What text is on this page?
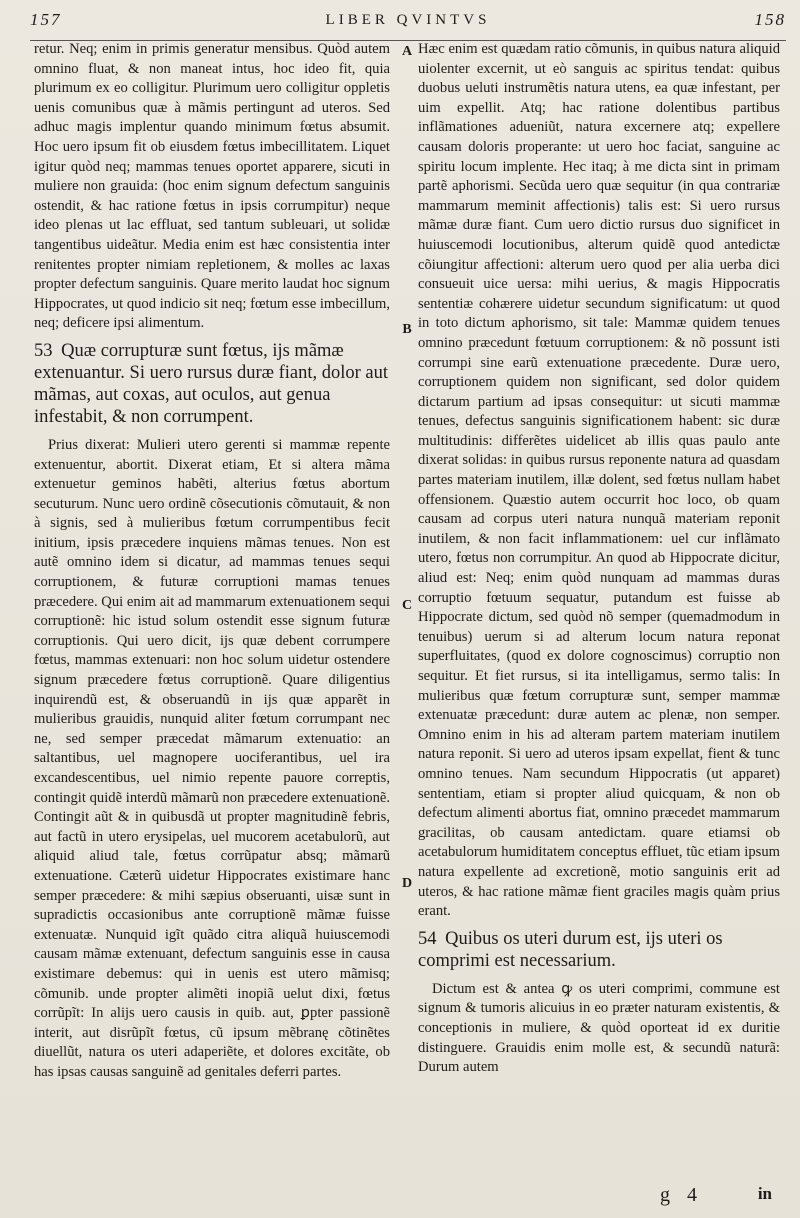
157	LIBER QVINTVS	158

retur. Neq; enim in primis generatur mensibus. Quòd autem omnino fluat, & non maneat intus, hoc ideo fit, quia plurimum ex eo colligitur. Plurimum uero colligitur oppletis uenis comunibus quæ à mãmis pertingunt ad uteros. Sed adhuc magis implentur quando minimum fœtus absumit. Hoc uero ipsum fit ob eiusdem fœtus imbecillitatem. Liquet igitur quòd neq; mammas tenues oportet apparere, sicuti in muliere non grauida: (hoc enim signum defectum sanguinis ostendit, & hac ratione fœtus in ipsis corrumpitur) neque ideo plenas ut lac effluat, sed tantum subleuari, ut solidæ tangentibus uideãtur. Media enim est hæc consistentia inter renitentes propter nimiam repletionem, & molles ac laxas propter defectum sanguinis. Quare merito laudat hoc signum Hippocrates, ut quod indicio sit neq; fœtum esse imbecillum, neq; deficere ipsi alimentum.

53 Quæ corrupturæ sunt fœtus, ijs mãmæ extenuantur. Si uero rursus duræ fiant, dolor aut mãmas, aut coxas, aut oculos, aut genua infestabit, & non corrumpent.

Prius dixerat: Mulieri utero gerenti si mammæ repente extenuentur, abortit. Dixerat etiam, Et si altera mãma extenuetur geminos habẽti, alterius fœtus abortum secuturum. Nunc uero ordinẽ cõsecutionis cõmutauit, & non à signis, sed à mulieribus fœtum corrumpentibus fecit initium, ipsis præcedere inquiens mãmas tenues. Non est autẽ omnino idem si dicatur, ad mammas tenues sequi corruptionem, & futuræ corruptioni mamas tenues præcedere. Qui enim ait ad mammarum extenuationem sequi corruptionẽ: hic istud solum ostendit esse signum futuræ corruptionis. Qui uero dicit, ijs quæ debent corrumpere fœtus, mammas extenuari: non hoc solum uidetur ostendere signum præcedere fœtus corruptionẽ. Quare diligentius inquirendũ est, & obseruandũ in ijs quæ apparẽt in mulieribus grauidis, nunquid aliter fœtum corrumpant nec ne, sed semper præcedat mãmarum extenuatio: an saltantibus, uel magnopere uociferantibus, uel ira excandescentibus, uel nimio repente pauore correptis, contingit quidẽ interdũ mãmarũ non præcedere extenuationẽ. Contingit aũt & in quibusdã ut propter magnitudinẽ febris, aut factũ in utero erysipelas, uel mucorem acetabulorũ, aut aliquid aliud tale, fœtus corrũpatur absq; mãmarũ extenuatione. Cæterũ uidetur Hippocrates existimare hanc semper præcedere: & mihi sæpius obseruanti, uisæ sunt in supradictis occasionibus ante corruptionẽ mãmæ fuisse extenuatæ. Nunquid igĩt quãdo citra aliquã huiuscemodi causam mãmæ extenuant, defectum sanguinis esse in causa existimare debemus: qui in uenis est utero mãmisq; cõmunib. unde propter alimẽti inopiã uelut dixi, fœtus corrũpĩt: In alijs uero causis in quib. aut, ꝑpter passionẽ interit, aut disrũpĩt fœtus, cũ ipsum mẽbranę cõtinẽtes diuellũt, natura os uteri adaperiẽte, et dolores excitãte, ob has ipsas causas sanguinẽ ad genitales deferri partes.

A
B
C
D

Hæc enim est quædam ratio cõmunis, in quibus natura aliquid uiolenter excernit, ut eò sanguis ac spiritus tendat: quibus duobus ueluti instrumẽtis natura utens, ea quæ infestant, per uim expellit. Atq; hac ratione dolentibus partibus inflãmationes adueniũt, natura excernere atq; expellere causam doloris properante: ut uero hoc faciat, sanguine ac spiritu locum implente. Hec itaq; à me dicta sint in primam partẽ aphorismi. Secũda uero quæ sequitur (in qua contrariæ mammarum meminit affectionis) talis est: Si uero rursus mãmæ duræ fiant. Cum uero dictio rursus duo significet in huiuscemodi locutionibus, alterum quidẽ quod antedictæ cõiungitur affectioni: alterum uero quod per alia uerba dici consueuit uice uersa: mihi uerius, & magis Hippocratis sententiæ cohærere uidetur secundum significatum: ut quod in toto dictum aphorismo, sit tale: Mammæ quidem tenues omnino præcedunt fœtuum corruptionem: & nõ possunt isti corrumpi sine earũ extenuatione præcedente. Duræ uero, corruptionem quidem non significant, sed dolor quidem dictarum partium ad ipsas consequitur: ut sicuti mammæ tenues, defectus sanguinis significationem habent: sic duræ multitudinis: differẽtes uidelicet ab illis quas paulo ante dixerat solidas: in quibus rursus reponente natura ad quasdam partes materiam inutilem, illæ dolent, sed fœtus nullam habet offensionem. Quæstio autem occurrit hoc loco, ob quam causam ad corpus uteri natura nunquã materiam reponit inutilem, & non facit inflammationem: uel cur inflãmato utero, fœtus non corrumpitur. An quod ab Hippocrate dicitur, aliud est: Neq; enim quòd nunquam ad mammas duras corruptio fœtuum sequatur, putandum est fuisse ab Hippocrate dictum, sed quòd nõ semper (quemadmodum in tenuibus) uerum si ad alterum locum natura reponat superfluitates, (quod ex dolore cognoscimus) corruptio non sequitur. Et fiet rursus, si ita intelligamus, sermo talis: In mulieribus quæ fœtum corrupturæ sunt, semper mammæ extenuatæ præcedunt: duræ autem ac plenæ, non semper. Omnino enim in his ad alteram partem materiam inutilem natura reponit. Si uero ad uteros ipsam expellat, fient & tunc omnino tenues. Nam secundum Hippocratis (ut apparet) sententiam, etiam si propter aliud quicquam, & non ob defectum alimenti abortus fiat, omnino præcedet mammarum gracilitas, ob causam antedictam. quare etiamsi ob acetabulorum humiditatem conceptus effluet, tũc etiam ipsum natura expellente ad excretionẽ, motio sanguinis erit ad uteros, & hac ratione mãmæ fient graciles magis quàm prius erant.

54 Quibus os uteri durum est, ijs uteri os comprimi est necessarium.

Dictum est & antea ꝙ os uteri comprimi, commune est signum & tumoris alicuius in eo præter naturam existentis, & conceptionis in muliere, & quòd oporteat id ex duritie distinguere. Grauidis enim molle est, & secundũ naturã: Durum autem

g 4	in
